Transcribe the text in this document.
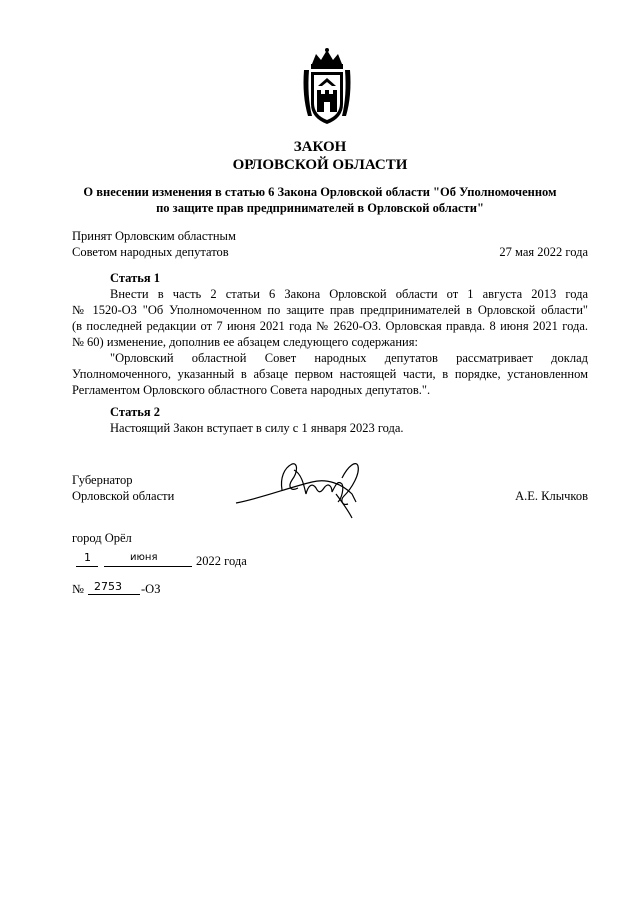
ЗАКОН
ОРЛОВСКОЙ ОБЛАСТИ
О внесении изменения в статью 6 Закона Орловской области "Об Уполномоченном
по защите прав предпринимателей в Орловской области"
Принят Орловским областным
Советом народных депутатов	27 мая 2022 года
Статья 1
Внести в часть 2 статьи 6 Закона Орловской области от 1 августа 2013 года
№ 1520-ОЗ "Об Уполномоченном по защите прав предпринимателей в Орловской области"
(в последней редакции от 7 июня 2021 года № 2620-ОЗ. Орловская правда. 8 июня 2021 года.
№ 60) изменение, дополнив ее абзацем следующего содержания:
"Орловский областной Совет народных депутатов рассматривает доклад
Уполномоченного, указанный в абзаце первом настоящей части, в порядке, установленном
Регламентом Орловского областного Совета народных депутатов.".
Статья 2
Настоящий Закон вступает в силу с 1 января 2023 года.
Губернатор
Орловской области	А.Е. Клычков
город Орёл
1	июня	2022 года
№ 2753 -ОЗ
